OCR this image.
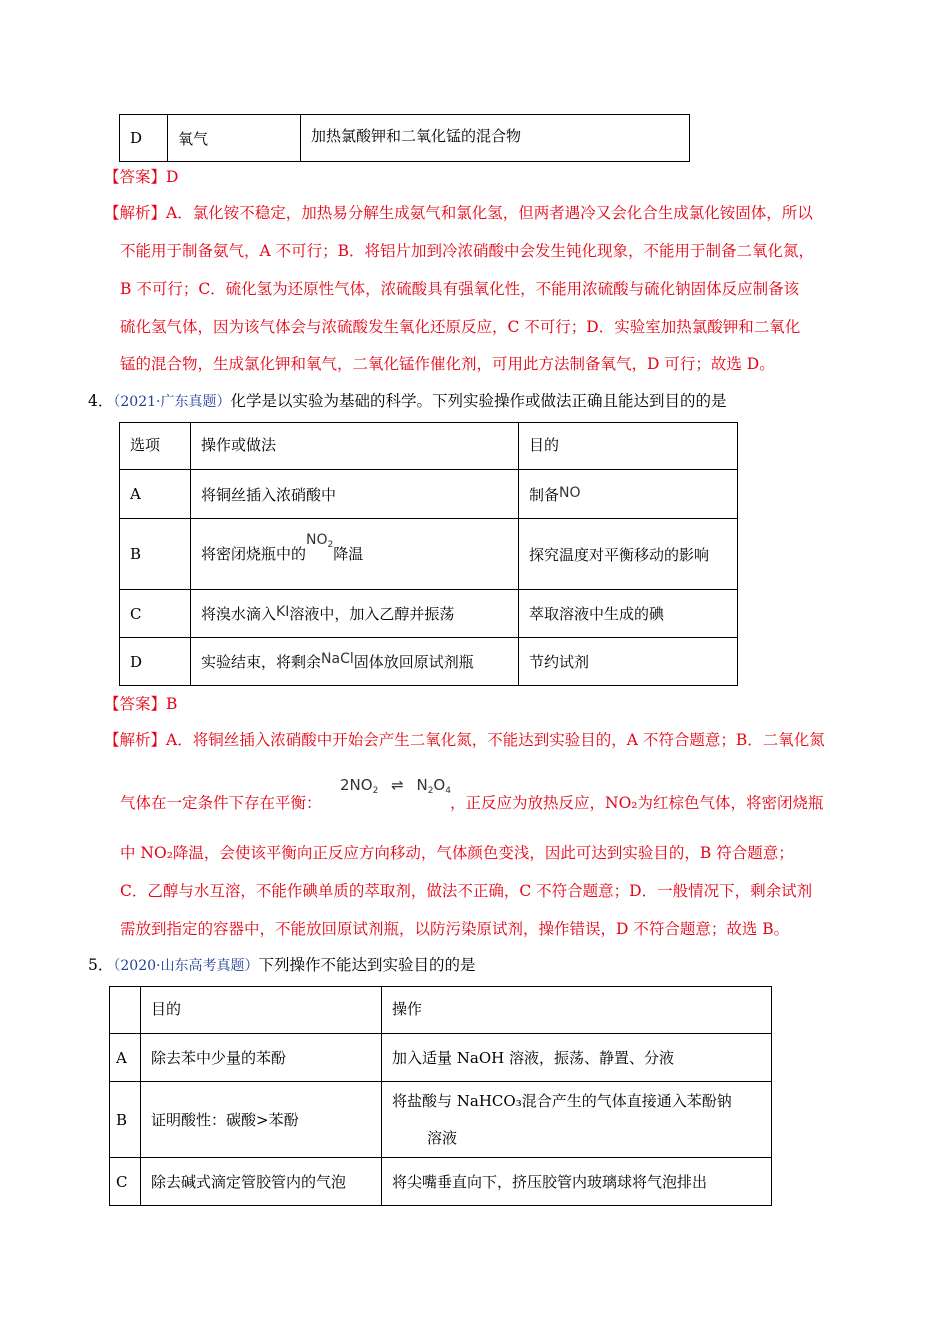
D	氧气	加热氯酸钾和二氧化锰的混合物
【答案】D
【解析】A．氯化铵不稳定，加热易分解生成氨气和氯化氢，但两者遇冷又会化合生成氯化铵固体，所以
不能用于制备氨气，A 不可行；B．将铝片加到冷浓硝酸中会发生钝化现象，不能用于制备二氧化氮，
B 不可行；C．硫化氢为还原性气体，浓硫酸具有强氧化性，不能用浓硫酸与硫化钠固体反应制备该
硫化氢气体，因为该气体会与浓硫酸发生氧化还原反应，C 不可行；D．实验室加热氯酸钾和二氧化
锰的混合物，生成氯化钾和氧气，二氧化锰作催化剂，可用此方法制备氧气，D 可行；故选 D。
4．（2021·广东真题）化学是以实验为基础的科学。下列实验操作或做法正确且能达到目的的是
选项	操作或做法	目的
A	将铜丝插入浓硝酸中	制备NO
B	将密闭烧瓶中的$NO_2$降温	探究温度对平衡移动的影响
C	将溴水滴入KI溶液中，加入乙醇并振荡	萃取溶液中生成的碘
D	实验结束，将剩余NaCl固体放回原试剂瓶	节约试剂
【答案】B
【解析】A．将铜丝插入浓硝酸中开始会产生二氧化氮，不能达到实验目的，A 不符合题意；B．二氧化氮
气体在一定条件下存在平衡：
$2NO_2$ ⇌ $N_2O_4$
，正反应为放热反应，NO₂为红棕色气体，将密闭烧瓶
中 NO₂降温，会使该平衡向正反应方向移动，气体颜色变浅，因此可达到实验目的，B 符合题意；
C．乙醇与水互溶，不能作碘单质的萃取剂，做法不正确，C 不符合题意；D．一般情况下，剩余试剂
需放到指定的容器中，不能放回原试剂瓶，以防污染原试剂，操作错误，D 不符合题意；故选 B。
5．（2020·山东高考真题）下列操作不能达到实验目的的是
	目的	操作
A	除去苯中少量的苯酚	加入适量 NaOH 溶液，振荡、静置、分液
B	证明酸性：碳酸>苯酚	将盐酸与 NaHCO₃混合产生的气体直接通入苯酚钠
溶液

C	除去碱式滴定管胶管内的气泡	将尖嘴垂直向下，挤压胶管内玻璃球将气泡排出
